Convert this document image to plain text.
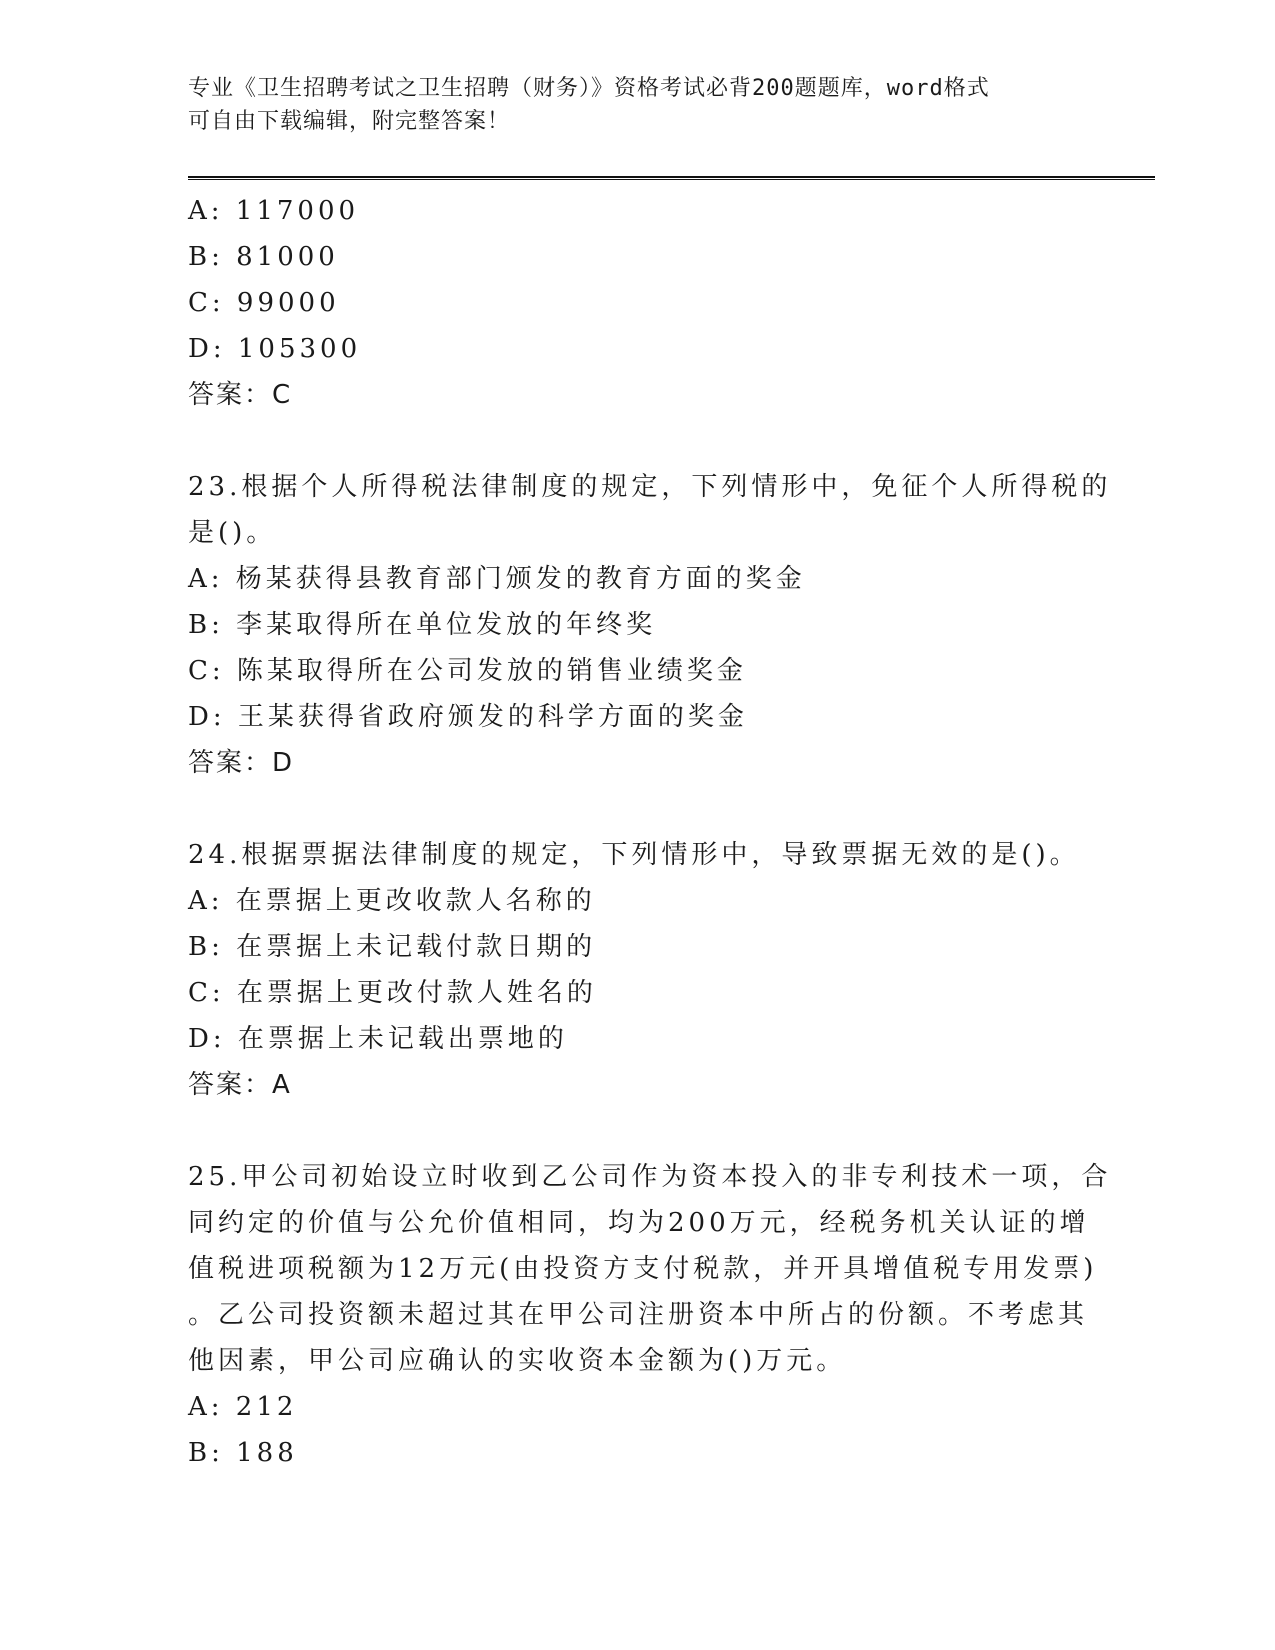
专业《卫生招聘考试之卫生招聘（财务）》资格考试必背200题题库，word格式
可自由下载编辑，附完整答案！
A: 117000
B: 81000
C: 99000
D: 105300
答案：C
23.根据个人所得税法律制度的规定，下列情形中，免征个人所得税的
是()。
A: 杨某获得县教育部门颁发的教育方面的奖金
B: 李某取得所在单位发放的年终奖
C: 陈某取得所在公司发放的销售业绩奖金
D: 王某获得省政府颁发的科学方面的奖金
答案：D
24.根据票据法律制度的规定，下列情形中，导致票据无效的是()。
A: 在票据上更改收款人名称的
B: 在票据上未记载付款日期的
C: 在票据上更改付款人姓名的
D: 在票据上未记载出票地的
答案：A
25.甲公司初始设立时收到乙公司作为资本投入的非专利技术一项，合
同约定的价值与公允价值相同，均为200万元，经税务机关认证的增
值税进项税额为12万元(由投资方支付税款，并开具增值税专用发票)
。乙公司投资额未超过其在甲公司注册资本中所占的份额。不考虑其
他因素，甲公司应确认的实收资本金额为()万元。
A: 212
B: 188
